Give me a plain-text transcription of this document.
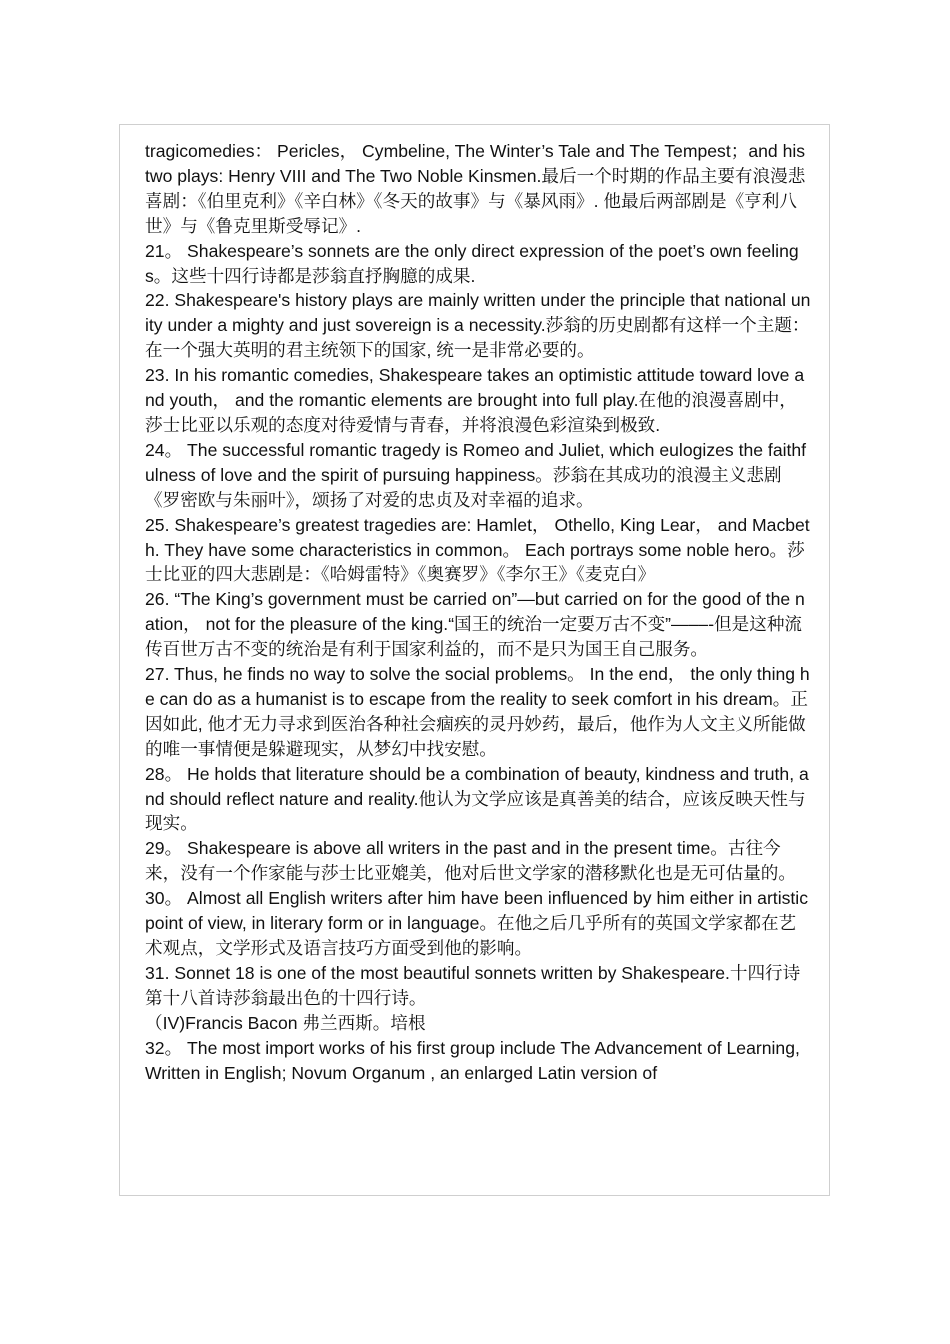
tragicomedies： Pericles， Cymbeline, The Winter’s Tale and The Tempest；and his two plays: Henry VIII and The Two Noble Kinsmen.最后一个时期的作品主要有浪漫悲喜剧：《伯里克利》《辛白林》《冬天的故事》与《暴风雨》. 他最后两部剧是《亨利八世》与《鲁克里斯受辱记》.

21。 Shakespeare’s sonnets are the only direct expression of the poet’s own feelings。这些十四行诗都是莎翁直抒胸臆的成果.

22. Shakespeare's history plays are mainly written under the principle that national unity under a mighty and just sovereign is a necessity.莎翁的历史剧都有这样一个主题：在一个强大英明的君主统领下的国家, 统一是非常必要的。

23. In his romantic comedies, Shakespeare takes an optimistic attitude toward love and youth， and the romantic elements are brought into full play.在他的浪漫喜剧中，莎士比亚以乐观的态度对待爱情与青春，并将浪漫色彩渲染到极致.

24。 The successful romantic tragedy is Romeo and Juliet, which eulogizes the faithfulness of love and the spirit of pursuing happiness。莎翁在其成功的浪漫主义悲剧《罗密欧与朱丽叶》，颂扬了对爱的忠贞及对幸福的追求。

25. Shakespeare’s greatest tragedies are: Hamlet， Othello, King Lear， and Macbeth. They have some characteristics in common。 Each portrays some noble hero。莎士比亚的四大悲剧是：《哈姆雷特》《奥赛罗》《李尔王》《麦克白》

26. “The King’s government must be carried on”—but carried on for the good of the nation， not for the pleasure of the king.“国王的统治一定要万古不变”—––-但是这种流传百世万古不变的统治是有利于国家利益的，而不是只为国王自己服务。

27. Thus, he finds no way to solve the social problems。 In the end， the only thing he can do as a humanist is to escape from the reality to seek comfort in his dream。正因如此, 他才无力寻求到医治各种社会痼疾的灵丹妙药，最后，他作为人文主义所能做的唯一事情便是躲避现实，从梦幻中找安慰。

28。 He holds that literature should be a combination of beauty, kindness and truth, and should reflect nature and reality.他认为文学应该是真善美的结合，应该反映天性与现实。

29。 Shakespeare is above all writers in the past and in the present time。古往今来，没有一个作家能与莎士比亚媲美，他对后世文学家的潜移默化也是无可估量的。

30。 Almost all English writers after him have been influenced by him either in artistic point of view, in literary form or in language。在他之后几乎所有的英国文学家都在艺术观点，文学形式及语言技巧方面受到他的影响。

31. Sonnet 18 is one of the most beautiful sonnets written by Shakespeare.十四行诗第十八首诗莎翁最出色的十四行诗。

（IV)Francis Bacon 弗兰西斯。培根

32。 The most import works of his first group include The Advancement of Learning, Written in English; Novum Organum , an enlarged Latin version of
